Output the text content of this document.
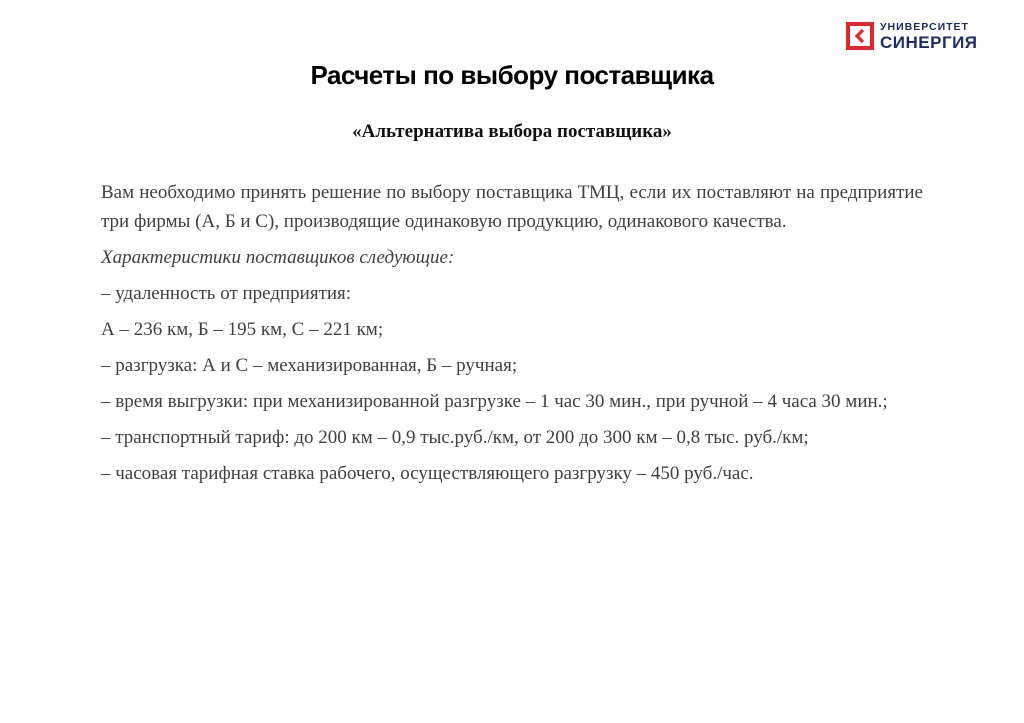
УНИВЕРСИТЕТ
СИНЕРГИЯ
Расчеты по выбору поставщика
«Альтернатива выбора поставщика»

Вам необходимо принять решение по выбору поставщика ТМЦ, если их поставляют на предприятие три фирмы (А, Б и С), производящие одинаковую продукцию, одинакового качества.

Характеристики поставщиков следующие:

– удаленность от предприятия:

А – 236 км, Б – 195 км, С – 221 км;

– разгрузка: А и С – механизированная, Б – ручная;

– время выгрузки: при механизированной разгрузке – 1 час 30 мин., при ручной – 4 часа 30 мин.;

– транспортный тариф: до 200 км – 0,9 тыс.руб./км, от 200 до 300 км – 0,8 тыс. руб./км;

– часовая тарифная ставка рабочего, осуществляющего разгрузку – 450 руб./час.
